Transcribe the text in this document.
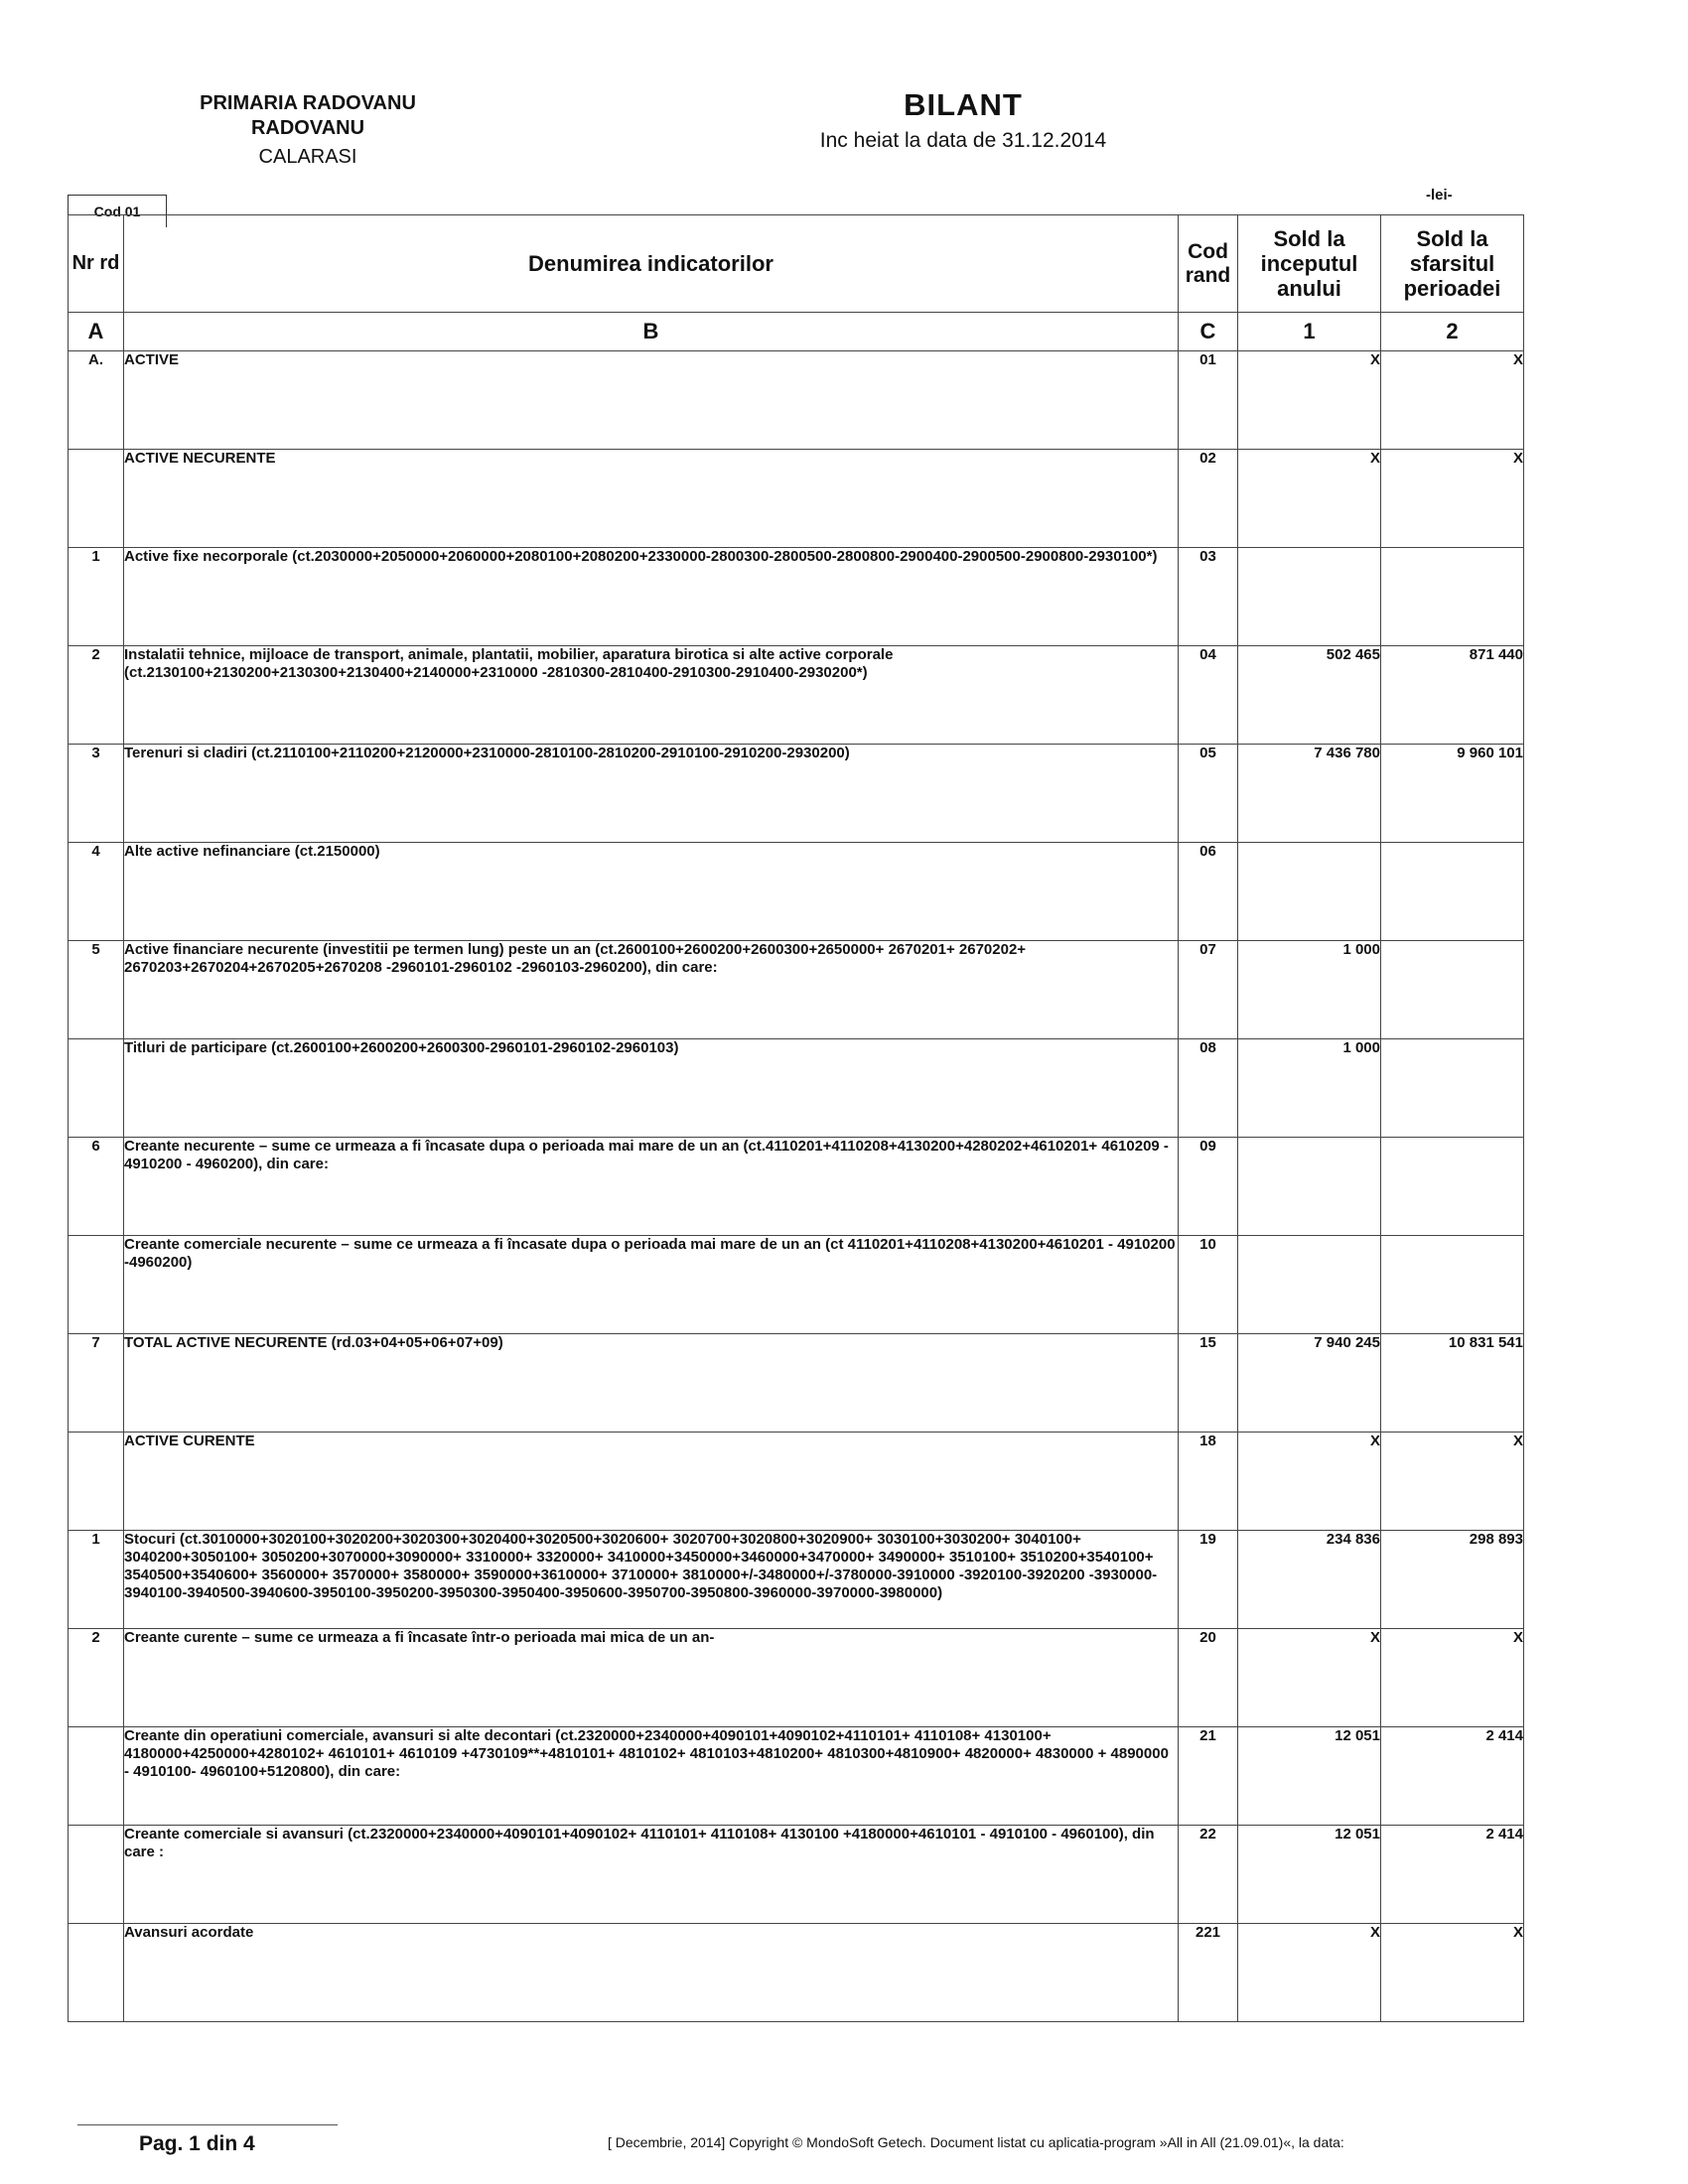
PRIMARIA RADOVANU
RADOVANU
CALARASI
BILANT
Inc heiat la data de 31.12.2014
Cod 01
-lei-
Nr rd	Denumirea indicatorilor	Cod rand	Sold la inceputul anului	Sold la sfarsitul perioadei
A	B	C	1	2
A.	ACTIVE	01	X	X
	ACTIVE NECURENTE	02	X	X
1	Active fixe necorporale (ct.2030000+2050000+2060000+2080100+2080200+2330000-2800300-2800500-2800800-2900400-2900500-2900800-2930100*)	03		
2	Instalatii tehnice, mijloace de transport, animale, plantatii, mobilier, aparatura birotica si alte active corporale (ct.2130100+2130200+2130300+2130400+2140000+2310000 -2810300-2810400-2910300-2910400-2930200*)	04	502 465	871 440
3	Terenuri si cladiri (ct.2110100+2110200+2120000+2310000-2810100-2810200-2910100-2910200-2930200)	05	7 436 780	9 960 101
4	Alte active nefinanciare (ct.2150000)	06		
5	Active financiare necurente (investitii pe termen lung) peste un an (ct.2600100+2600200+2600300+2650000+ 2670201+ 2670202+ 2670203+2670204+2670205+2670208 -2960101-2960102 -2960103-2960200), din care:	07	1 000	
	Titluri de participare (ct.2600100+2600200+2600300-2960101-2960102-2960103)	08	1 000	
6	Creante necurente – sume ce urmeaza a fi încasate dupa o perioada mai mare de un an (ct.4110201+4110208+4130200+4280202+4610201+ 4610209 - 4910200 - 4960200), din care:	09		
	Creante comerciale necurente – sume ce urmeaza a fi încasate dupa o perioada mai mare de un an (ct 4110201+4110208+4130200+4610201 - 4910200 -4960200)	10		
7	TOTAL ACTIVE NECURENTE (rd.03+04+05+06+07+09)	15	7 940 245	10 831 541
	ACTIVE CURENTE	18	X	X
1	Stocuri (ct.3010000+3020100+3020200+3020300+3020400+3020500+3020600+ 3020700+3020800+3020900+ 3030100+3030200+ 3040100+ 3040200+3050100+ 3050200+3070000+3090000+ 3310000+ 3320000+ 3410000+3450000+3460000+3470000+ 3490000+ 3510100+ 3510200+3540100+ 3540500+3540600+ 3560000+ 3570000+ 3580000+ 3590000+3610000+ 3710000+ 3810000+/-3480000+/-3780000-3910000 -3920100-3920200 -3930000-3940100-3940500-3940600-3950100-3950200-3950300-3950400-3950600-3950700-3950800-3960000-3970000-3980000)	19	234 836	298 893
2	Creante curente – sume ce urmeaza a fi încasate într-o perioada mai mica de un an-	20	X	X
	Creante din operatiuni comerciale, avansuri si alte decontari (ct.2320000+2340000+4090101+4090102+4110101+ 4110108+ 4130100+ 4180000+4250000+4280102+ 4610101+ 4610109 +4730109**+4810101+ 4810102+ 4810103+4810200+ 4810300+4810900+ 4820000+ 4830000 + 4890000 - 4910100- 4960100+5120800), din care:	21	12 051	2 414
	Creante comerciale si avansuri (ct.2320000+2340000+4090101+4090102+ 4110101+ 4110108+ 4130100 +4180000+4610101 - 4910100 - 4960100), din care :	22	12 051	2 414
	Avansuri acordate	221	X	X
Pag. 1 din 4	[ Decembrie, 2014] Copyright © MondoSoft Getech. Document listat cu aplicatia-program »All in All (21.09.01)«, la data:
